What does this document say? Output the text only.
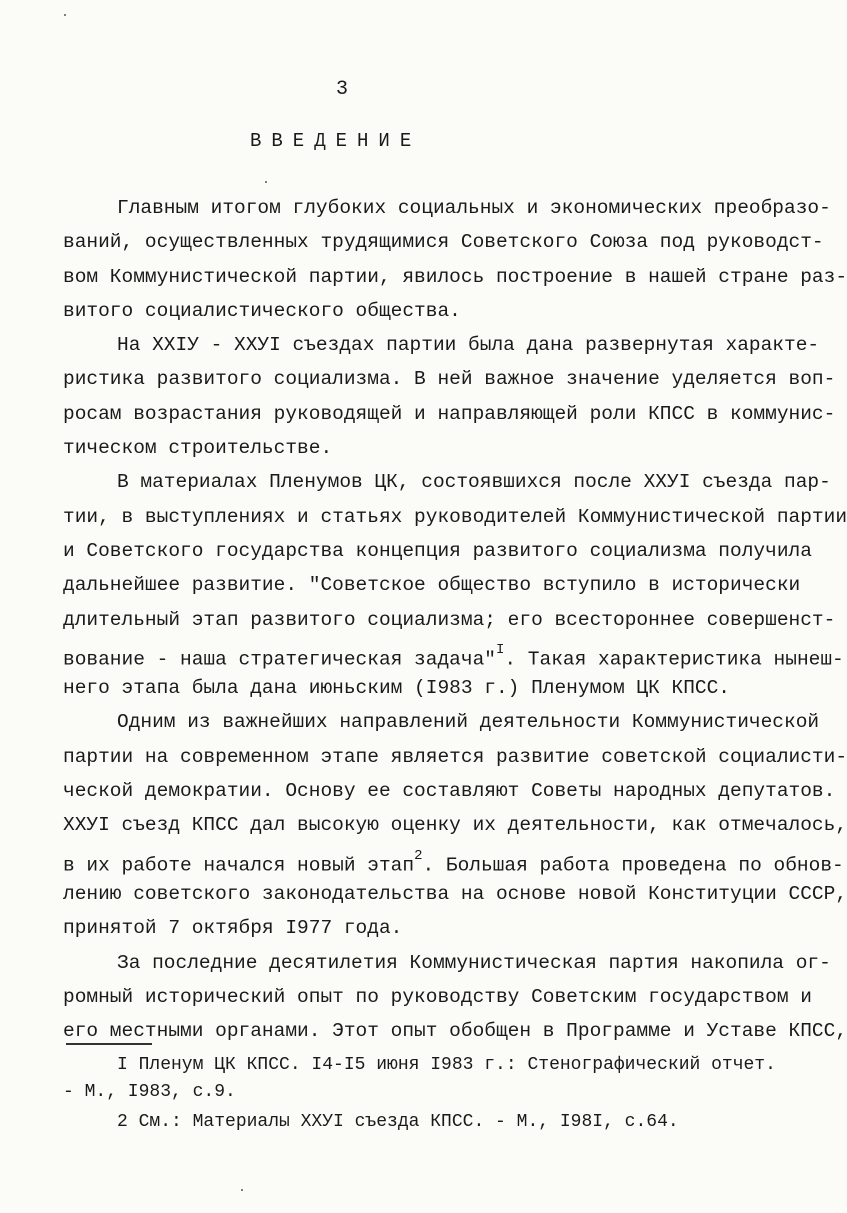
3
ВВЕДЕНИЕ
Главным итогом глубоких социальных и экономических преобразо-
ваний, осуществленных трудящимися Советского Союза под руководст-
вом Коммунистической партии, явилось построение в нашей стране раз-
витого социалистического общества.
На XXIУ - XXУI съездах партии была дана развернутая характе-
ристика развитого социализма. В ней важное значение уделяется воп-
росам возрастания руководящей и направляющей роли КПСС в коммунис-
тическом строительстве.
В материалах Пленумов ЦК, состоявшихся после XXУI съезда пар-
тии, в выступлениях и статьях руководителей Коммунистической партии
и Советского государства концепция развитого социализма получила
дальнейшее развитие. "Советское общество вступило в исторически
длительный этап развитого социализма; его всестороннее совершенст-
вование - наша стратегическая задача"$^I$. Такая характеристика нынеш-
него этапа была дана июньским (I983 г.) Пленумом ЦК КПСС.
Одним из важнейших направлений деятельности Коммунистической
партии на современном этапе является развитие советской социалисти-
ческой демократии. Основу ее составляют Советы народных депутатов.
XXУI съезд КПСС дал высокую оценку их деятельности, как отмечалось,
в их работе начался новый этап$^2$. Большая работа проведена по обнов-
лению советского законодательства на основе новой Конституции СССР,
принятой 7 октября I977 года.
За последние десятилетия Коммунистическая партия накопила ог-
ромный исторический опыт по руководству Советским государством и
его местными органами. Этот опыт обобщен в Программе и Уставе КПСС,
I Пленум ЦК КПСС. I4-I5 июня I983 г.: Стенографический отчет.
- М., I983, с.9.
2 См.: Материалы XXУI съезда КПСС. - М., I98I, с.64.
